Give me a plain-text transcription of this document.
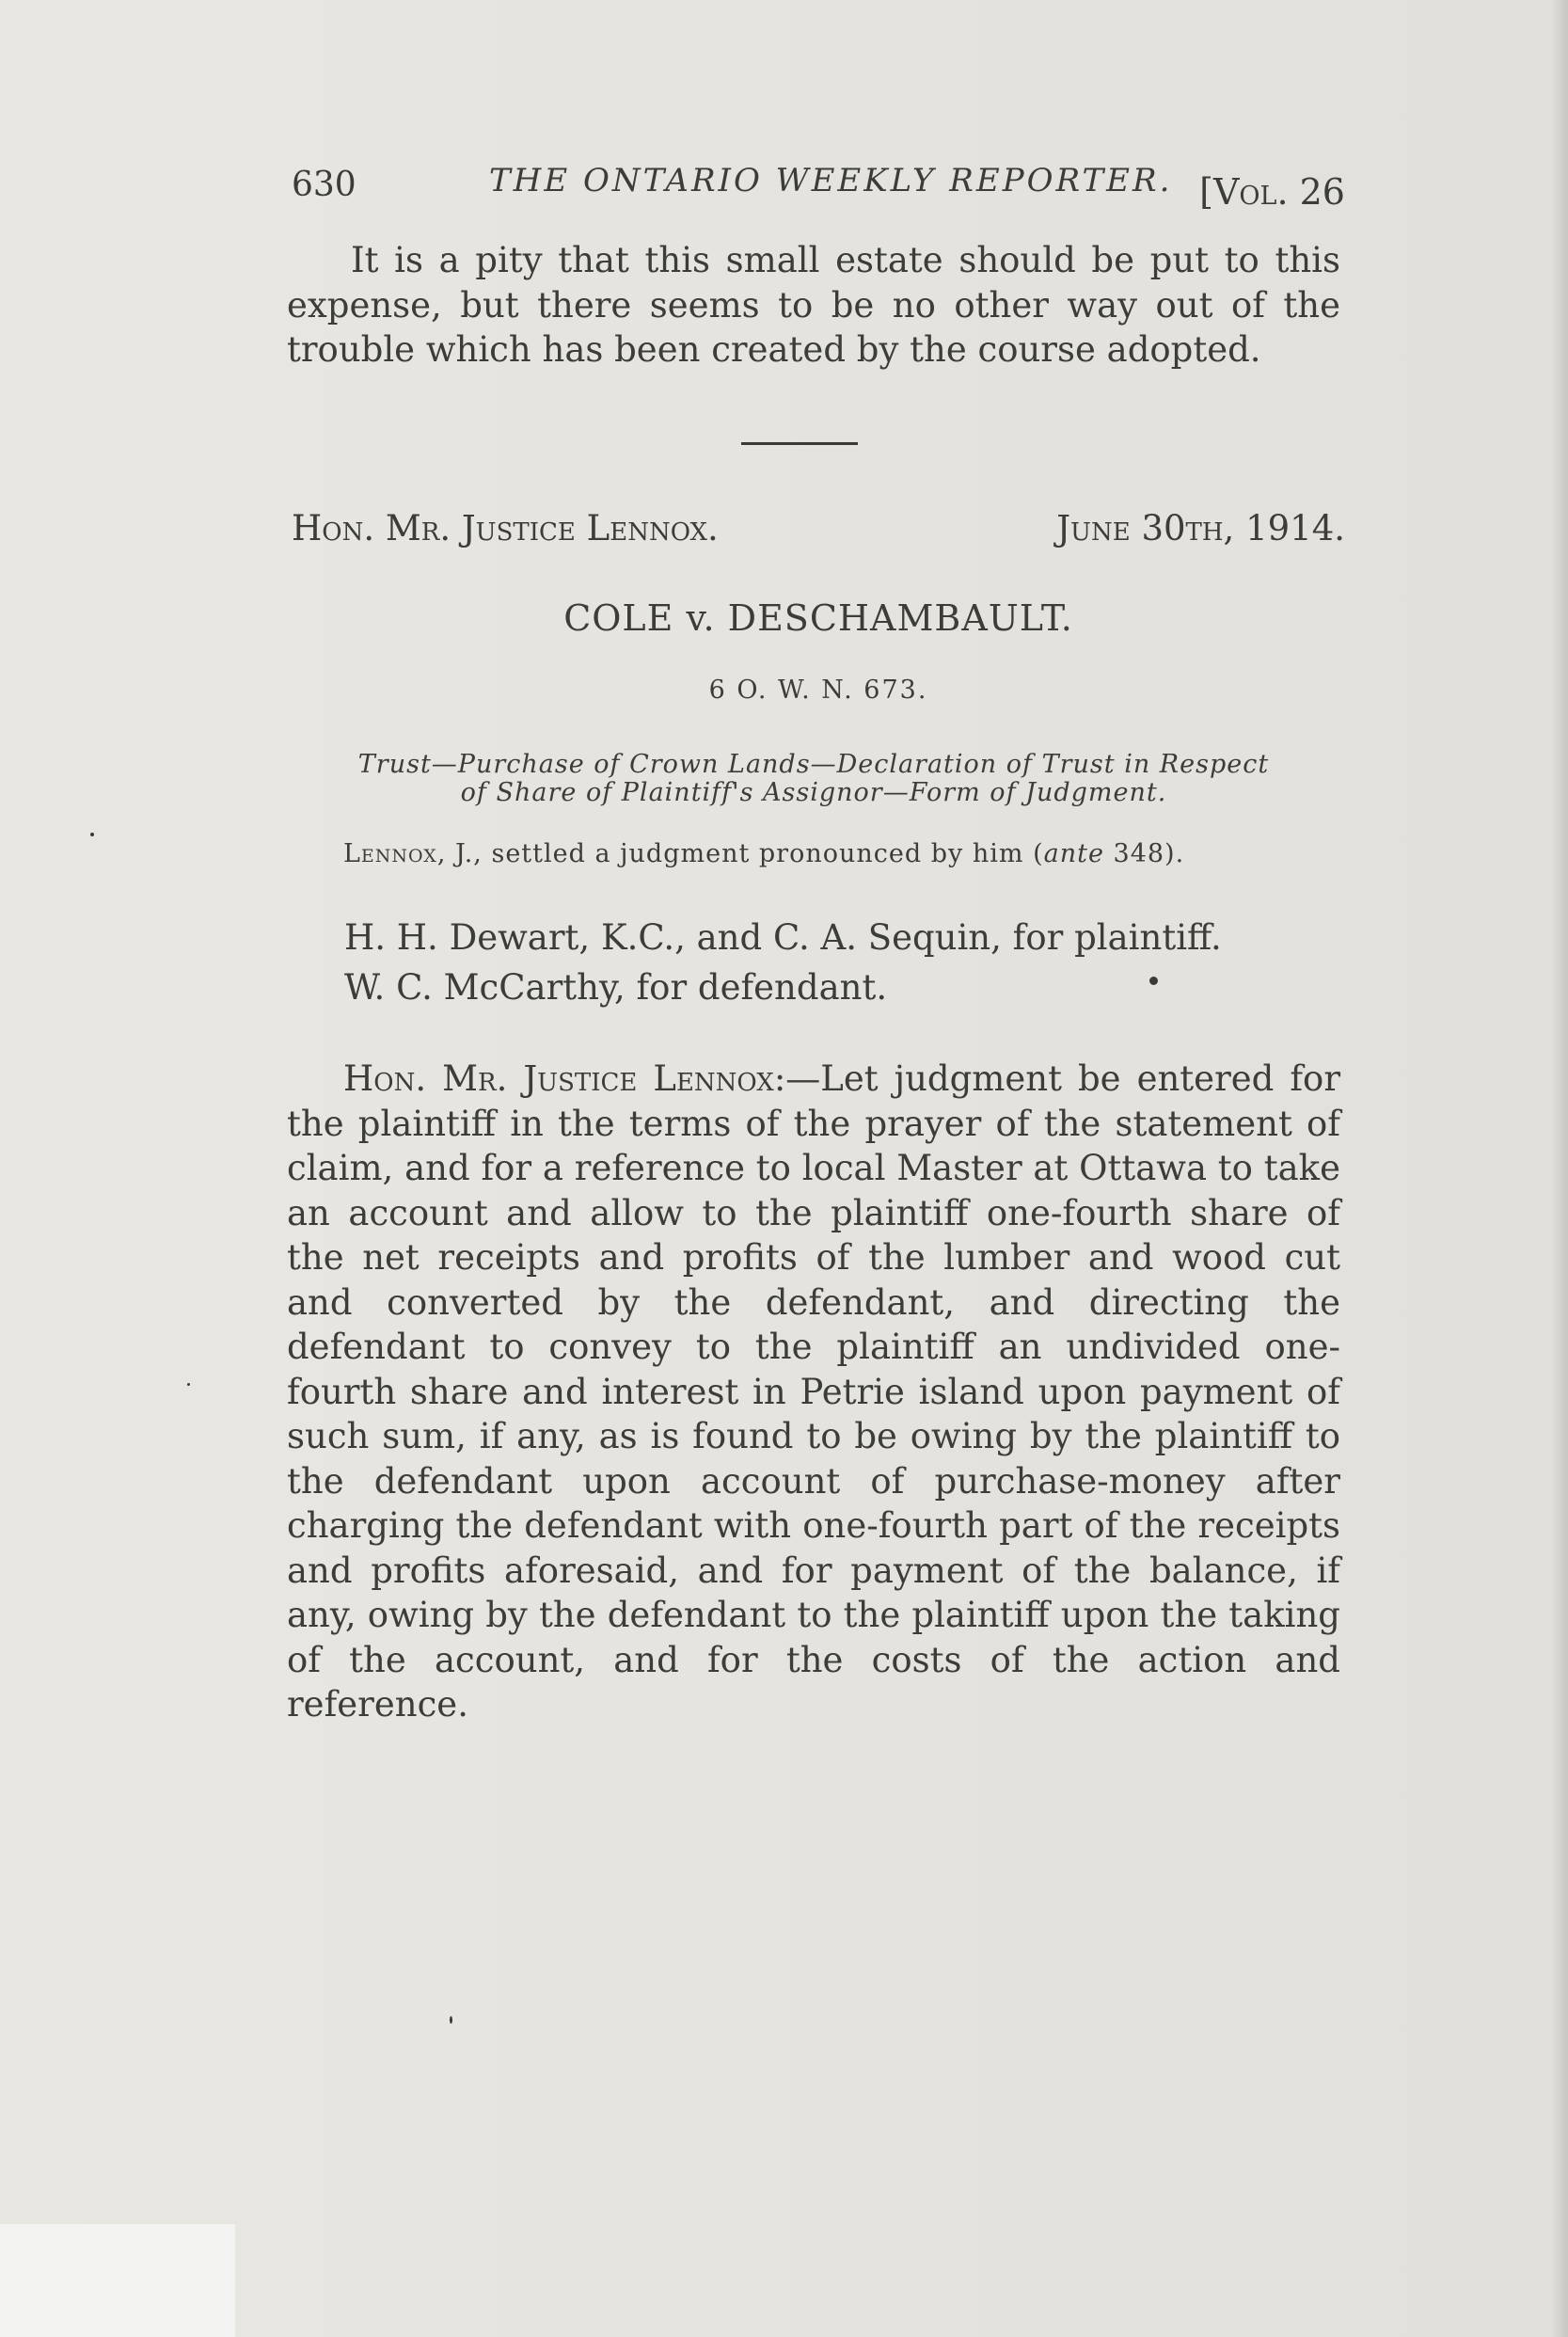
630	THE ONTARIO WEEKLY REPORTER. [Vol. 26

It is a pity that this small estate should be put to this expense, but there seems to be no other way out of the trouble which has been created by the course adopted.

Hon. Mr. Justice Lennox.	June 30th, 1914.
COLE v. DESCHAMBAULT.
6 O. W. N. 673.
Trust—Purchase of Crown Lands—Declaration of Trust in Respect
of Share of Plaintiff's Assignor—Form of Judgment.
Lennox, J., settled a judgment pronounced by him (ante 348).
H. H. Dewart, K.C., and C. A. Sequin, for plaintiff.
W. C. McCarthy, for defendant.

Hon. Mr. Justice Lennox:—Let judgment be entered for the plaintiff in the terms of the prayer of the statement of claim, and for a reference to local Master at Ottawa to take an account and allow to the plaintiff one-fourth share of the net receipts and profits of the lumber and wood cut and converted by the defendant, and directing the defendant to convey to the plaintiff an undivided one-fourth share and interest in Petrie island upon payment of such sum, if any, as is found to be owing by the plaintiff to the defendant upon account of purchase-money after charging the defendant with one-fourth part of the receipts and profits aforesaid, and for payment of the balance, if any, owing by the defendant to the plaintiff upon the taking of the account, and for the costs of the action and reference.
